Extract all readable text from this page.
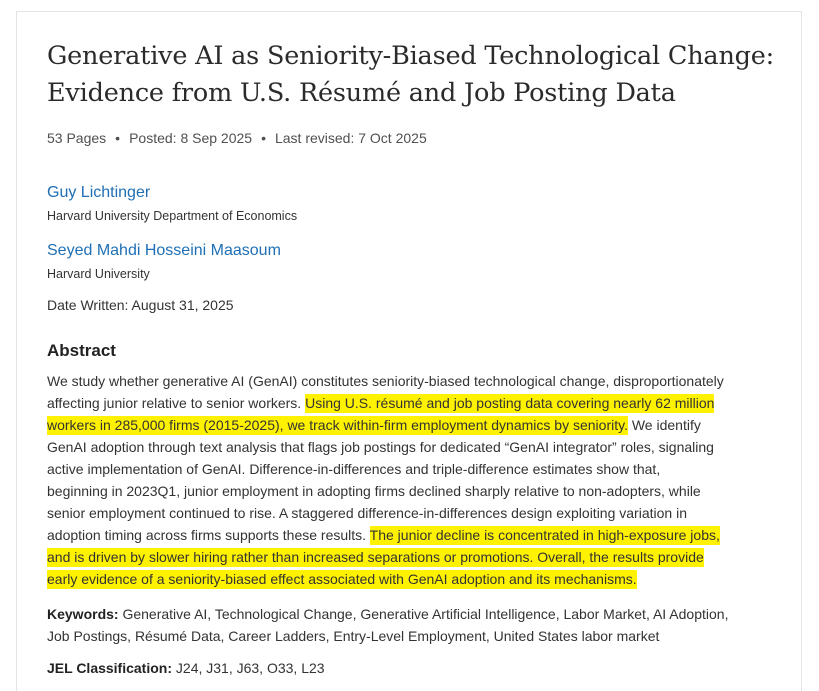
Generative AI as Seniority-Biased Technological Change:
Evidence from U.S. Résumé and Job Posting Data
53 Pages • Posted: 8 Sep 2025 • Last revised: 7 Oct 2025
Guy Lichtinger
Harvard University Department of Economics
Seyed Mahdi Hosseini Maasoum
Harvard University
Date Written: August 31, 2025
Abstract
We study whether generative AI (GenAI) constitutes seniority-biased technological change, disproportionately
affecting junior relative to senior workers. Using U.S. résumé and job posting data covering nearly 62 million
workers in 285,000 firms (2015-2025), we track within-firm employment dynamics by seniority. We identify
GenAI adoption through text analysis that flags job postings for dedicated “GenAI integrator” roles, signaling
active implementation of GenAI. Difference-in-differences and triple-difference estimates show that,
beginning in 2023Q1, junior employment in adopting firms declined sharply relative to non-adopters, while
senior employment continued to rise. A staggered difference-in-differences design exploiting variation in
adoption timing across firms supports these results. The junior decline is concentrated in high-exposure jobs,
and is driven by slower hiring rather than increased separations or promotions. Overall, the results provide
early evidence of a seniority-biased effect associated with GenAI adoption and its mechanisms.
Keywords: Generative AI, Technological Change, Generative Artificial Intelligence, Labor Market, AI Adoption,
Job Postings, Résumé Data, Career Ladders, Entry-Level Employment, United States labor market
JEL Classification: J24, J31, J63, O33, L23
